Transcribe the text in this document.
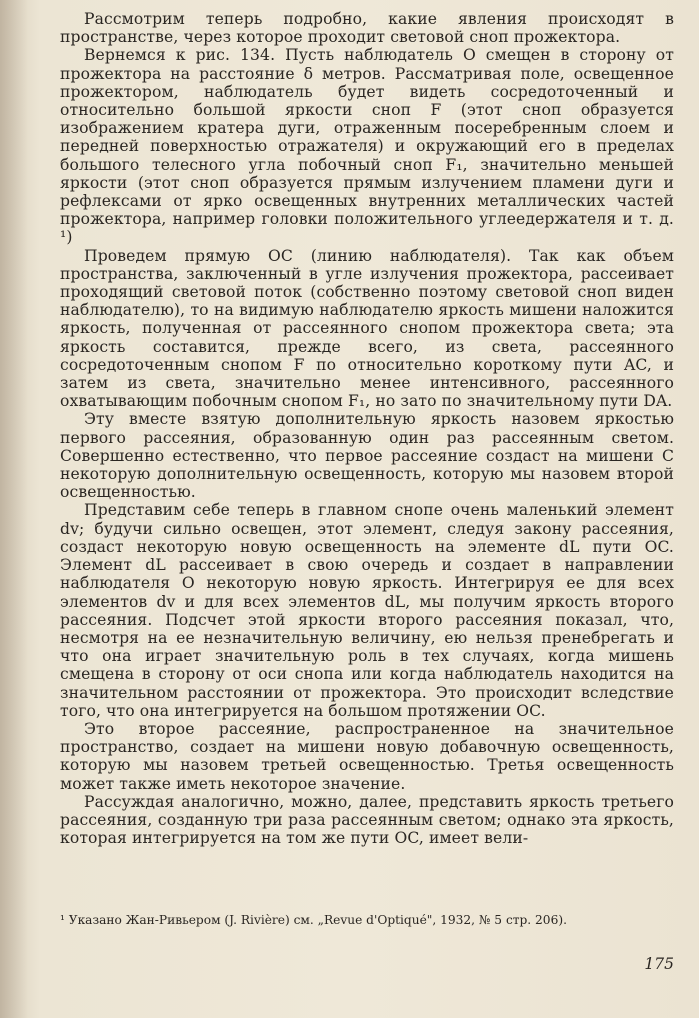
Рассмотрим теперь подробно, какие явления происходят в пространстве, через которое проходит световой сноп прожектора.

Вернемся к рис. 134. Пусть наблюдатель O смещен в сторону от прожектора на расстояние δ метров. Рассматривая поле, освещенное прожектором, наблюдатель будет видеть сосредоточенный и относительно большой яркости сноп F (этот сноп образуется изображением кратера дуги, отраженным посеребренным слоем и передней поверхностью отражателя) и окружающий его в пределах большого телесного угла побочный сноп F₁, значительно меньшей яркости (этот сноп образуется прямым излучением пламени дуги и рефлексами от ярко освещенных внутренних металлических частей прожектора, например головки положительного углеедержателя и т. д. ¹)

Проведем прямую OC (линию наблюдателя). Так как объем пространства, заключенный в угле излучения прожектора, рассеивает проходящий световой поток (собственно поэтому световой сноп виден наблюдателю), то на видимую наблюдателю яркость мишени наложится яркость, полученная от рассеянного снопом прожектора света; эта яркость составится, прежде всего, из света, рассеянного сосредоточенным снопом F по относительно короткому пути AC, и затем из света, значительно менее интенсивного, рассеянного охватывающим побочным снопом F₁, но зато по значительному пути DA.

Эту вместе взятую дополнительную яркость назовем яркостью первого рассеяния, образованную один раз рассеянным светом. Совершенно естественно, что первое рассеяние создаст на мишени C некоторую дополнительную освещенность, которую мы назовем второй освещенностью.

Представим себе теперь в главном снопе очень маленький элемент dv; будучи сильно освещен, этот элемент, следуя закону рассеяния, создаст некоторую новую освещенность на элементе dL пути OC. Элемент dL рассеивает в свою очередь и создает в направлении наблюдателя O некоторую новую яркость. Интегрируя ее для всех элементов dv и для всех элементов dL, мы получим яркость второго рассеяния. Подсчет этой яркости второго рассеяния показал, что, несмотря на ее незначительную величину, ею нельзя пренебрегать и что она играет значительную роль в тех случаях, когда мишень смещена в сторону от оси снопа или когда наблюдатель находится на значительном расстоянии от прожектора. Это происходит вследствие того, что она интегрируется на большом протяжении OC.

Это второе рассеяние, распространенное на значительное пространство, создает на мишени новую добавочную освещенность, которую мы назовем третьей освещенностью. Третья освещенность может также иметь некоторое значение.

Рассуждая аналогично, можно, далее, представить яркость третьего рассеяния, созданную три раза рассеянным светом; однако эта яркость, которая интегрируется на том же пути OC, имеет вели-

¹ Указано Жан-Ривьером (J. Rivière) см. „Revue d'Optiqué", 1932, № 5 стр. 206).
175
